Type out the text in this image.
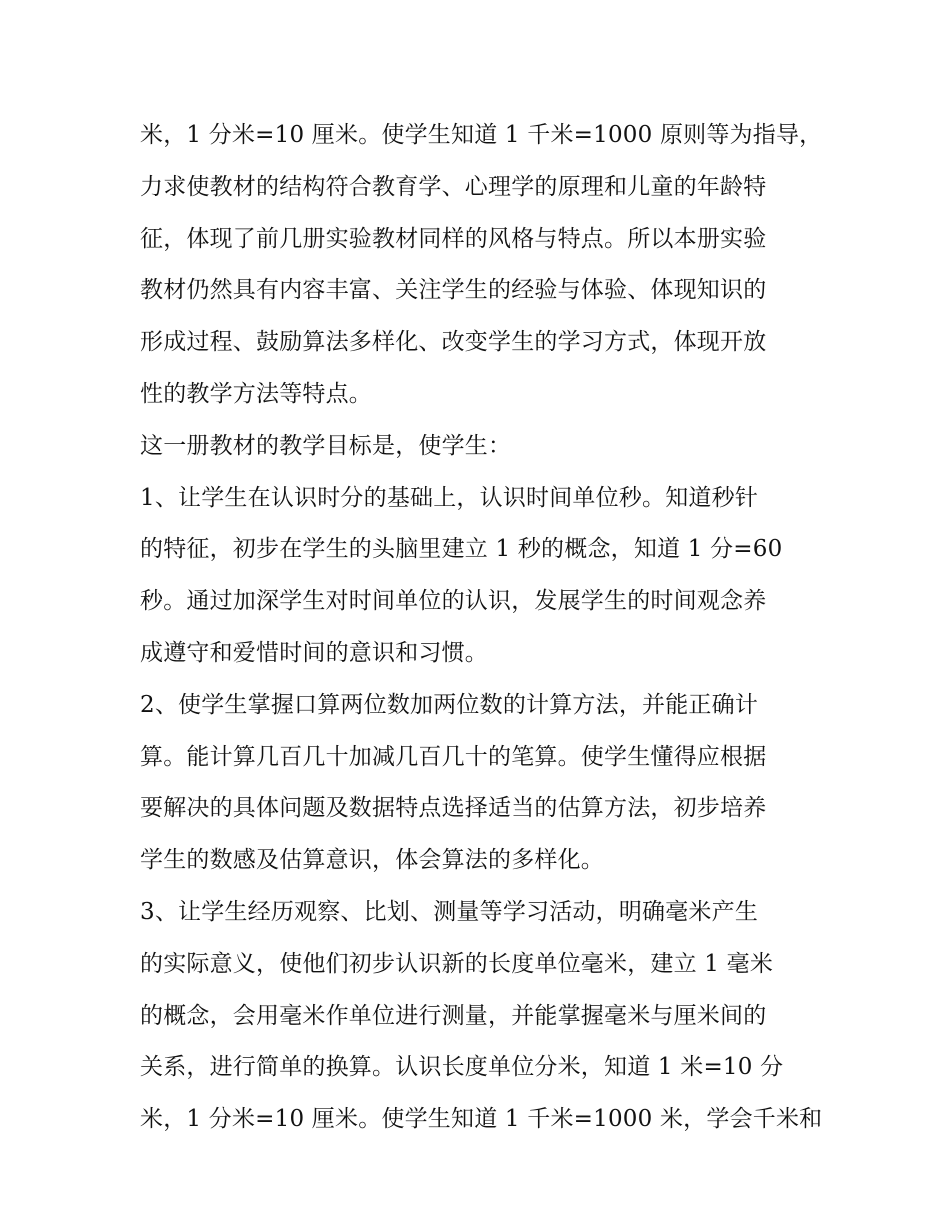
米，1 分米=10 厘米。使学生知道 1 千米=1000 原则等为指导，
力求使教材的结构符合教育学、心理学的原理和儿童的年龄特
征，体现了前几册实验教材同样的风格与特点。所以本册实验
教材仍然具有内容丰富、关注学生的经验与体验、体现知识的
形成过程、鼓励算法多样化、改变学生的学习方式，体现开放
性的教学方法等特点。
这一册教材的教学目标是，使学生：
1、让学生在认识时分的基础上，认识时间单位秒。知道秒针
的特征，初步在学生的头脑里建立 1 秒的概念，知道 1 分=60
秒。通过加深学生对时间单位的认识，发展学生的时间观念养
成遵守和爱惜时间的意识和习惯。
2、使学生掌握口算两位数加两位数的计算方法，并能正确计
算。能计算几百几十加减几百几十的笔算。使学生懂得应根据
要解决的具体问题及数据特点选择适当的估算方法，初步培养
学生的数感及估算意识，体会算法的多样化。
3、让学生经历观察、比划、测量等学习活动，明确毫米产生
的实际意义，使他们初步认识新的长度单位毫米，建立 1 毫米
的概念，会用毫米作单位进行测量，并能掌握毫米与厘米间的
关系，进行简单的换算。认识长度单位分米，知道 1 米=10 分
米，1 分米=10 厘米。使学生知道 1 千米=1000 米，学会千米和
